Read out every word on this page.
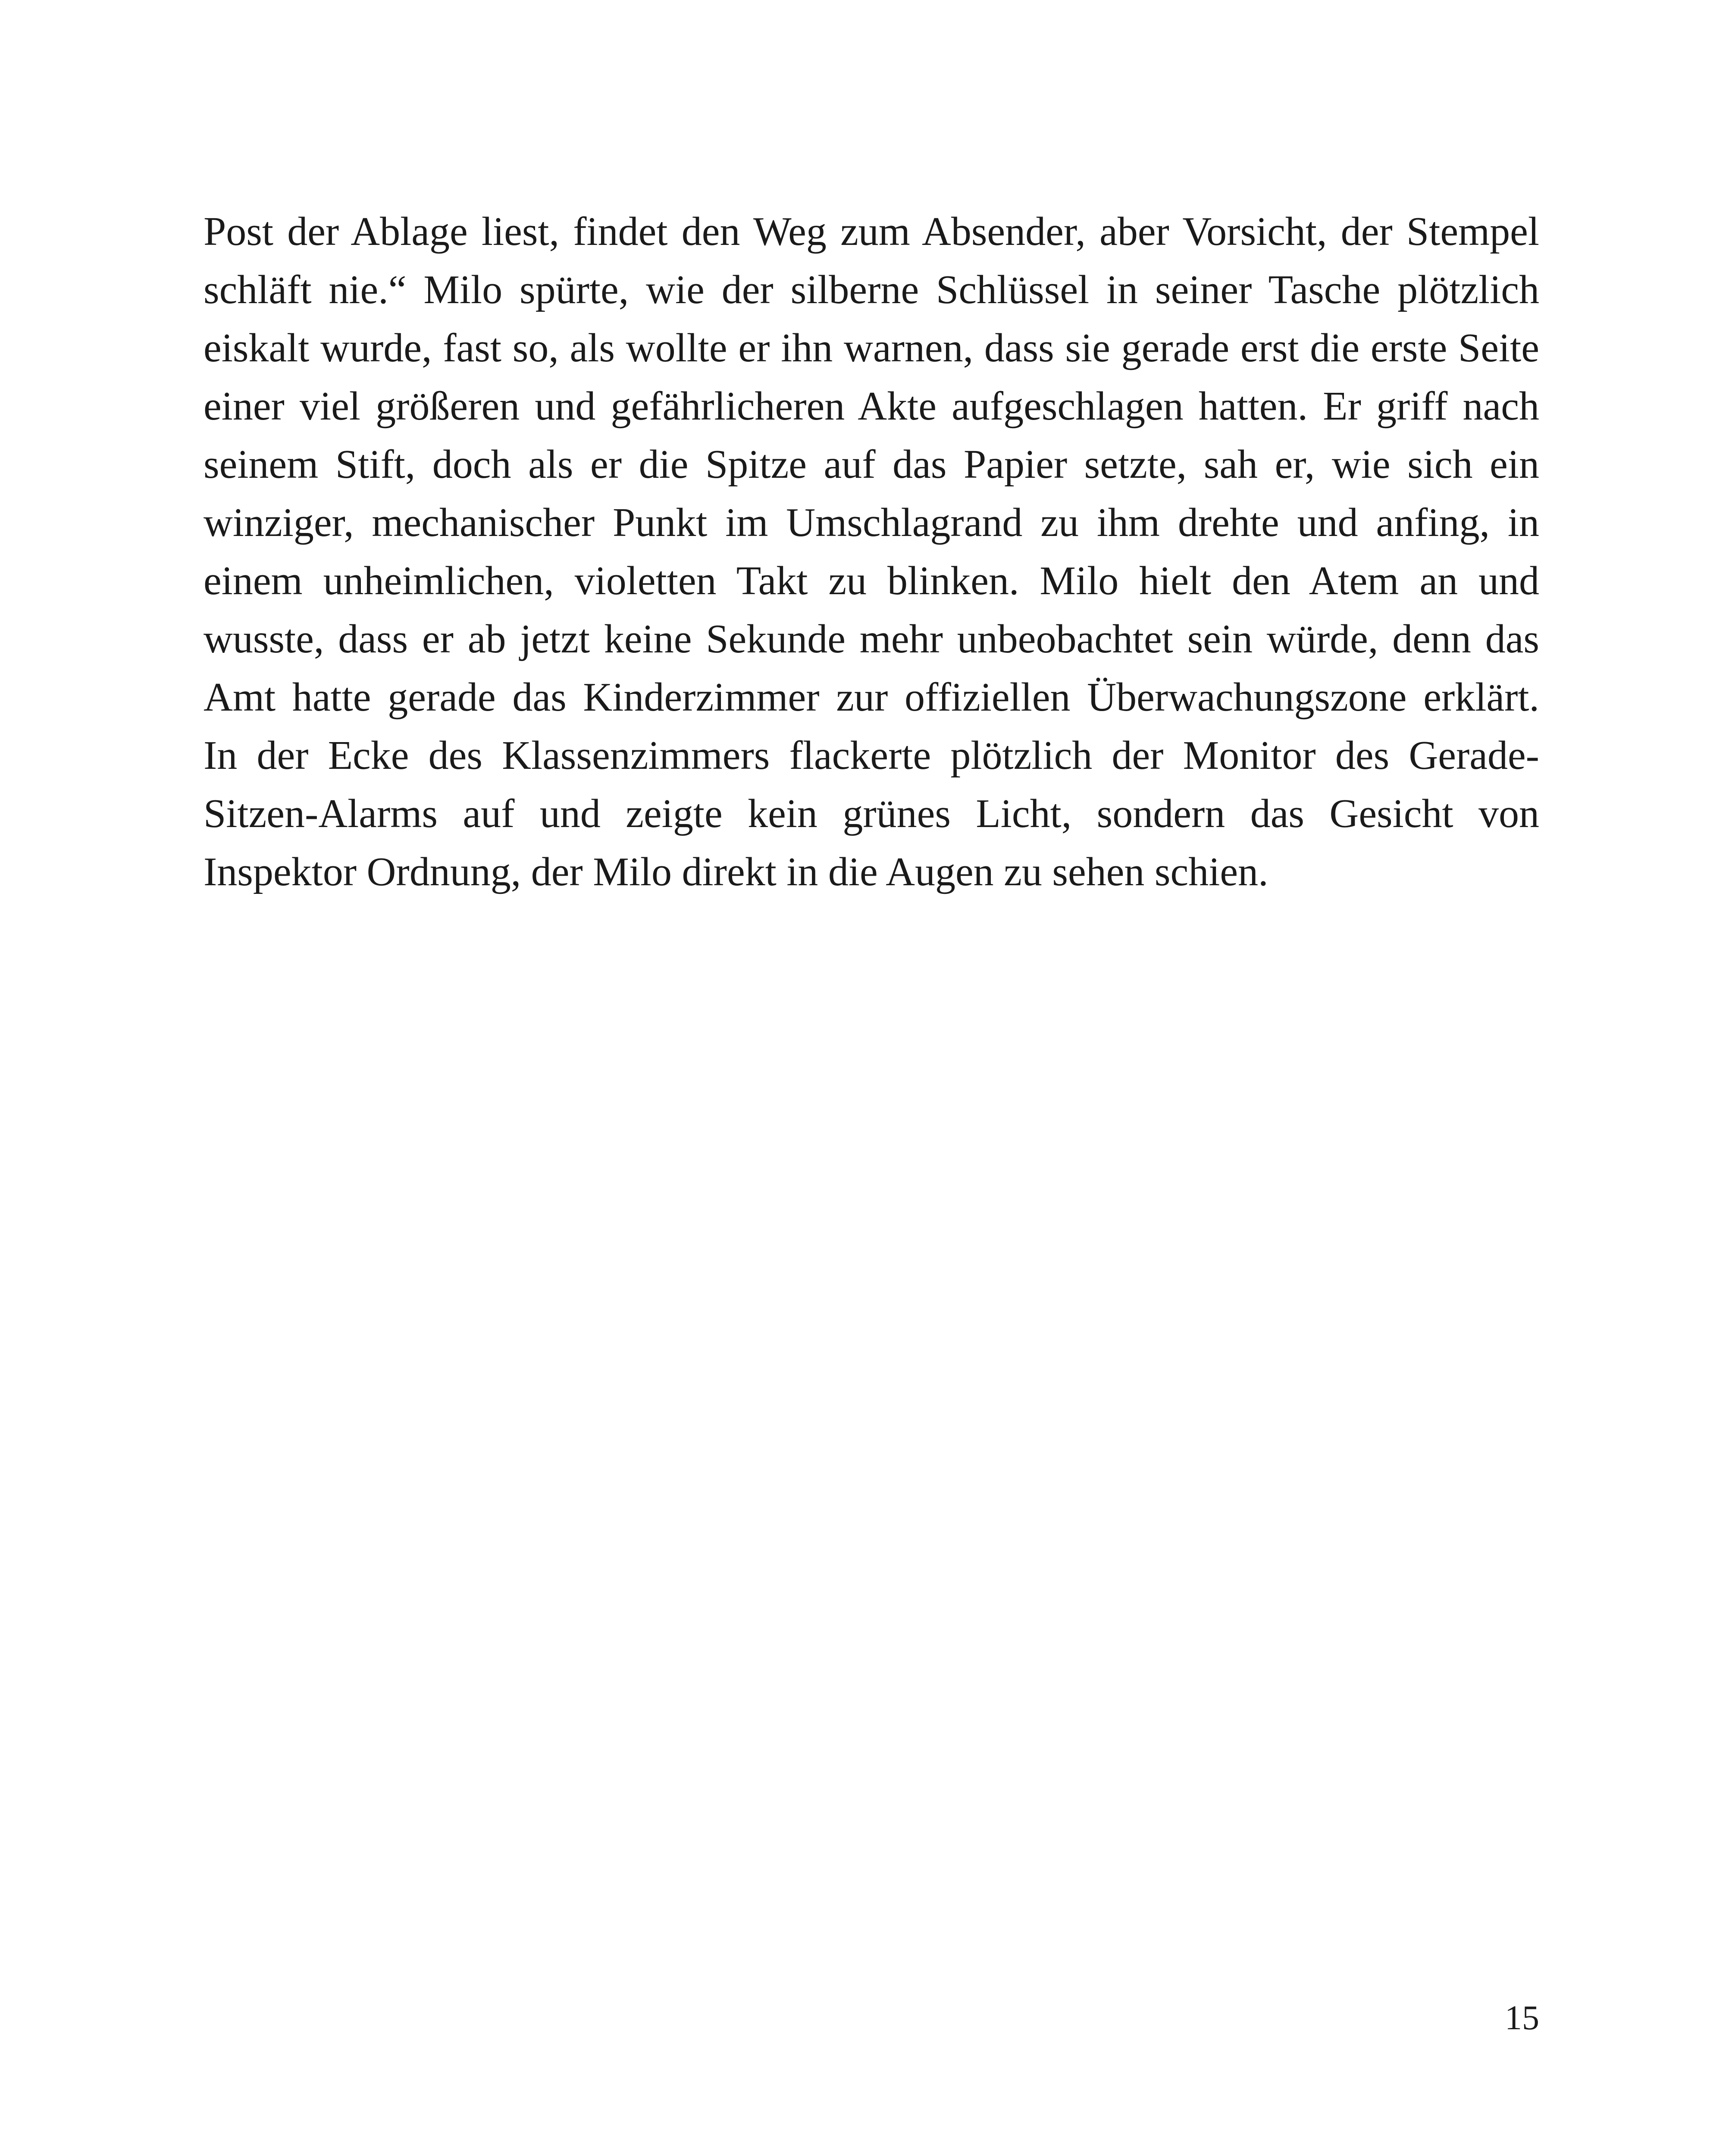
Post der Ablage liest, findet den Weg zum Absender, aber Vorsicht, der Stempel
schläft nie.“ Milo spürte, wie der silberne Schlüssel in seiner Tasche plötzlich
eiskalt wurde, fast so, als wollte er ihn warnen, dass sie gerade erst die erste Seite
einer viel größeren und gefährlicheren Akte aufgeschlagen hatten. Er griff nach
seinem Stift, doch als er die Spitze auf das Papier setzte, sah er, wie sich ein
winziger, mechanischer Punkt im Umschlagrand zu ihm drehte und anfing, in
einem unheimlichen, violetten Takt zu blinken. Milo hielt den Atem an und
wusste, dass er ab jetzt keine Sekunde mehr unbeobachtet sein würde, denn das
Amt hatte gerade das Kinderzimmer zur offiziellen Überwachungszone erklärt.
In der Ecke des Klassenzimmers flackerte plötzlich der Monitor des Gerade-
Sitzen-Alarms auf und zeigte kein grünes Licht, sondern das Gesicht von
Inspektor Ordnung, der Milo direkt in die Augen zu sehen schien.
15
